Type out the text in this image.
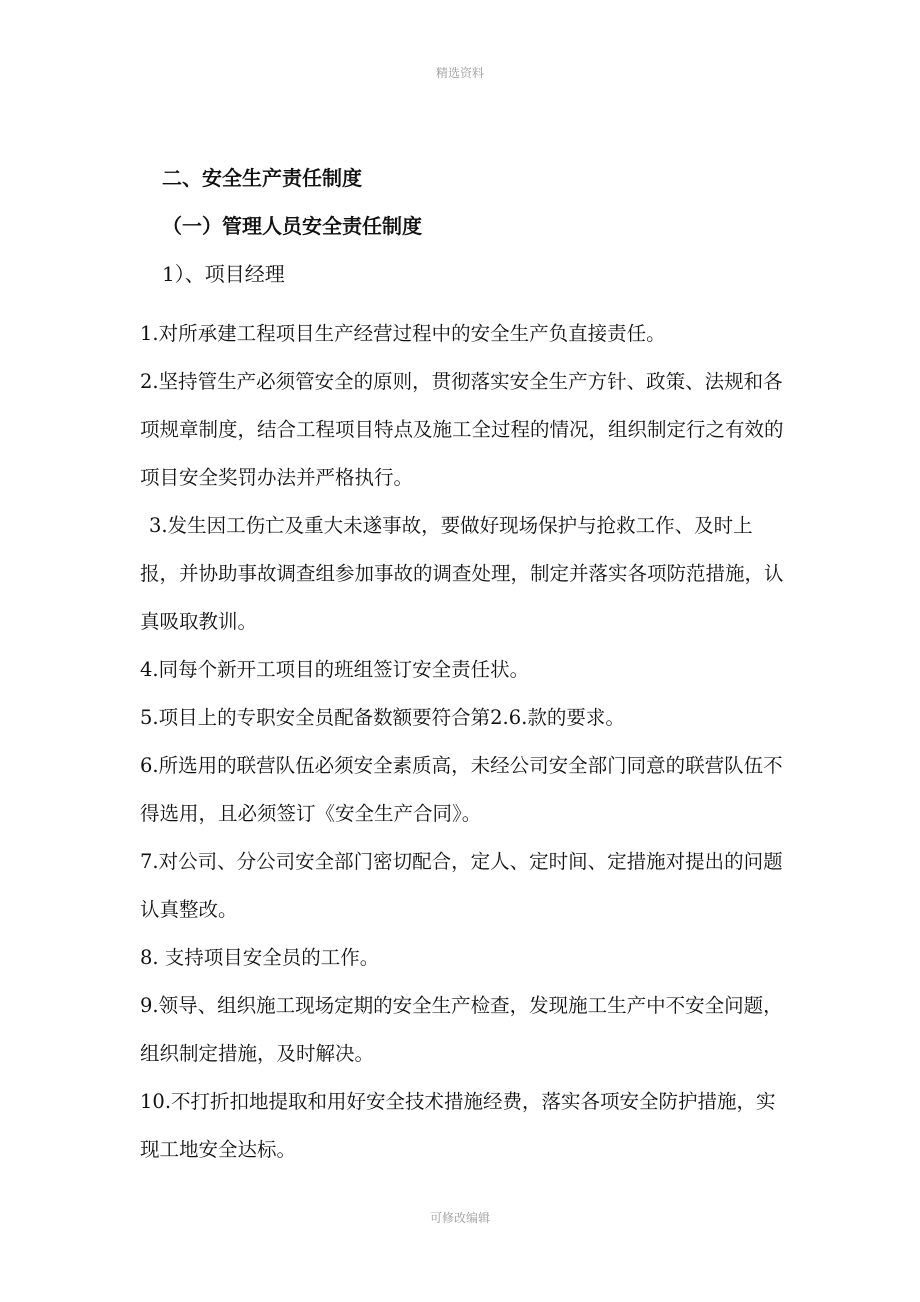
精选资料
二、安全生产责任制度
（一）管理人员安全责任制度
1）、项目经理

1.对所承建工程项目生产经营过程中的安全生产负直接责任。

2.坚持管生产必须管安全的原则，贯彻落实安全生产方针、政策、法规和各项规章制度，结合工程项目特点及施工全过程的情况，组织制定行之有效的项目安全奖罚办法并严格执行。

3.发生因工伤亡及重大未遂事故，要做好现场保护与抢救工作、及时上报，并协助事故调查组参加事故的调查处理，制定并落实各项防范措施，认真吸取教训。

4.同每个新开工项目的班组签订安全责任状。

5.项目上的专职安全员配备数额要符合第2.6.款的要求。

6.所选用的联营队伍必须安全素质高，未经公司安全部门同意的联营队伍不得选用，且必须签订《安全生产合同》。

7.对公司、分公司安全部门密切配合，定人、定时间、定措施对提出的问题认真整改。

8. 支持项目安全员的工作。

9.领导、组织施工现场定期的安全生产检查，发现施工生产中不安全问题，组织制定措施，及时解决。

10.不打折扣地提取和用好安全技术措施经费，落实各项安全防护措施，实现工地安全达标。

可修改编辑
